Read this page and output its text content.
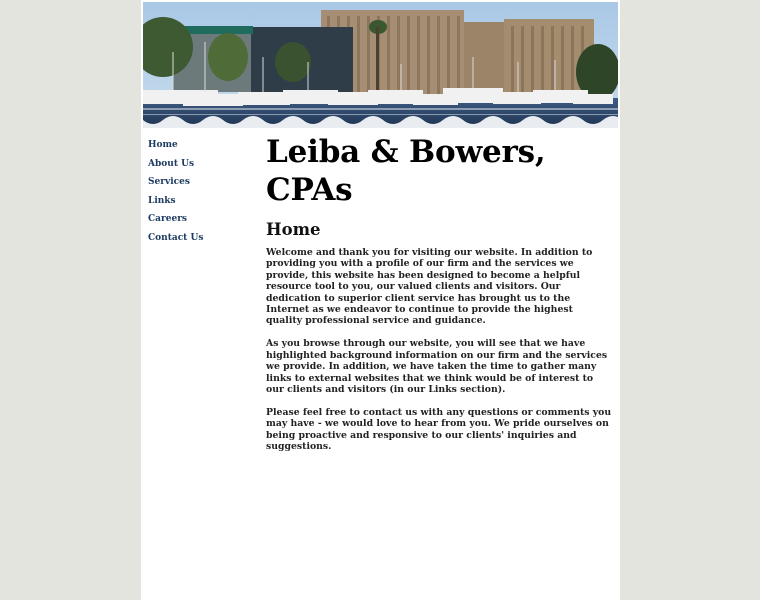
Home
About Us
Services
Links
Careers
Contact Us
Leiba & Bowers, CPAs
Home

Welcome and thank you for visiting our website. In addition to providing you with a profile of our firm and the services we provide, this website has been designed to become a helpful resource tool to you, our valued clients and visitors. Our dedication to superior client service has brought us to the Internet as we endeavor to continue to provide the highest quality professional service and guidance.

As you browse through our website, you will see that we have highlighted background information on our firm and the services we provide. In addition, we have taken the time to gather many links to external websites that we think would be of interest to our clients and visitors (in our Links section).

Please feel free to contact us with any questions or comments you may have - we would love to hear from you. We pride ourselves on being proactive and responsive to our clients' inquiries and suggestions.
